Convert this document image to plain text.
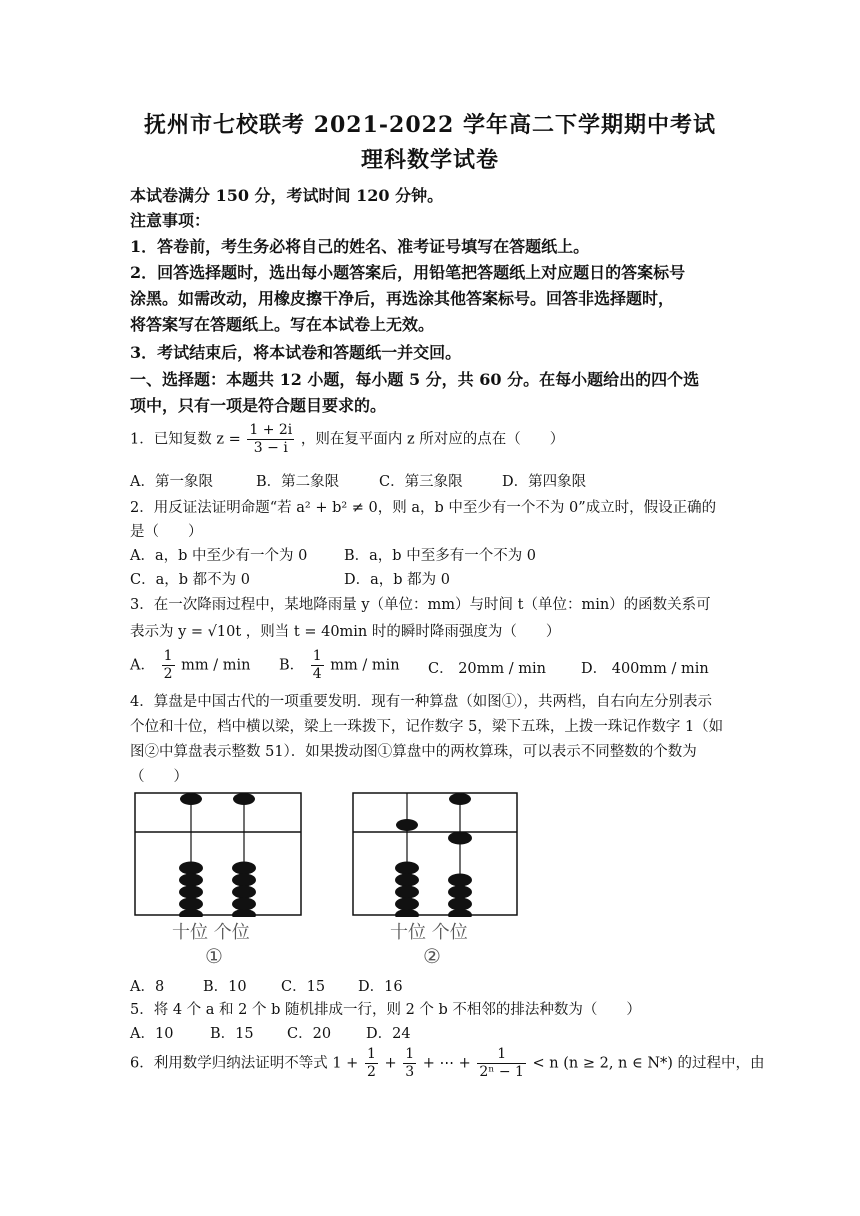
抚州市七校联考 2021-2022 学年高二下学期期中考试
理科数学试卷
本试卷满分 150 分，考试时间 120 分钟。
注意事项：
1．答卷前，考生务必将自己的姓名、准考证号填写在答题纸上。
2．回答选择题时，选出每小题答案后，用铅笔把答题纸上对应题日的答案标号
涂黑。如需改动，用橡皮擦干净后，再选涂其他答案标号。回答非选择题时，
将答案写在答题纸上。写在本试卷上无效。
3．考试结束后，将本试卷和答题纸一并交回。
一、选择题：本题共 12 小题，每小题 5 分，共 60 分。在每小题给出的四个选
项中，只有一项是符合题目要求的。
1．已知复数 $z = \frac{1 + 2i}{3 - i}$ ，则在复平面内 z 所对应的点在（　　）
A．第一象限	B．第二象限	C．第三象限	D．第四象限
2．用反证法证明命题“若 a² + b² ≠ 0，则 a，b 中至少有一个不为 0”成立时，假设正确的
是（　　）
A．a，b 中至少有一个为 0	B．a，b 中至多有一个不为 0
C．a，b 都不为 0	D．a，b 都为 0
3．在一次降雨过程中，某地降雨量 y（单位：mm）与时间 t（单位：min）的函数关系可
表示为 y = √10t ，则当 t = 40min 时的瞬时降雨强度为（　　）
A． $\frac{1}{2}$ mm / min B． $\frac{1}{4}$ mm / min C． 20mm / min D． 400mm / min
4．算盘是中国古代的一项重要发明．现有一种算盘（如图①），共两档，自右向左分别表示
个位和十位，档中横以梁，梁上一珠拨下，记作数字 5，梁下五珠，上拨一珠记作数字 1（如
图②中算盘表示整数 51）．如果拨动图①算盘中的两枚算珠，可以表示不同整数的个数为
（　　）
十位 个位
①
十位 个位
②
A．8	B．10 C．15 D．16
5．将 4 个 a 和 2 个 b 随机排成一行，则 2 个 b 不相邻的排法种数为（　　）
A．10	B．15 C．20 D．24
6．利用数学归纳法证明不等式 $1 + \frac{1}{2} + \frac{1}{3}$ + ⋯ + $\frac{1}{\text{2ⁿ − 1}} < n$ (n ≥ 2, n ∈ N*) 的过程中，由
